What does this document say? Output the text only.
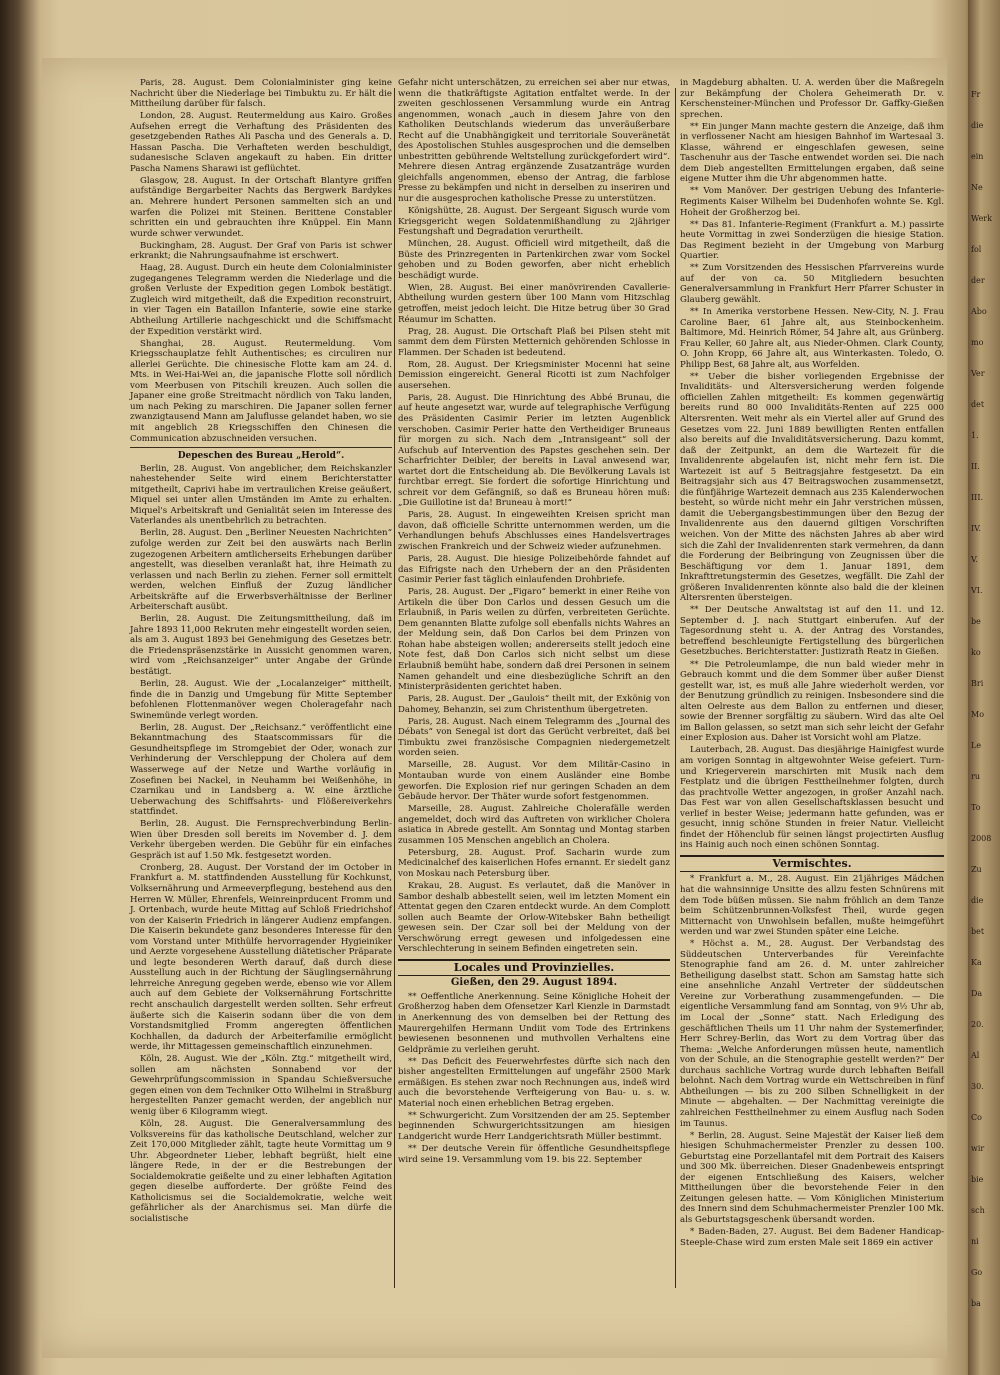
Paris, 28. August. Dem Colonialminister ging keine Nachricht über die Niederlage bei Timbuktu zu. Er hält die Mittheilung darüber für falsch.

London, 28. August. Reutermeldung aus Kairo. Großes Aufsehen erregt die Verhaftung des Präsidenten des gesetzgebenden Rathes Ali Pascha und des Generals a. D. Hassan Pascha. Die Verhafteten werden beschuldigt, sudanesische Sclaven angekauft zu haben. Ein dritter Pascha Namens Sharawi ist geflüchtet.

Glasgow, 28. August. In der Ortschaft Blantyre griffen aufständige Bergarbeiter Nachts das Bergwerk Bardykes an. Mehrere hundert Personen sammelten sich an und warfen die Polizei mit Steinen. Berittene Constabler schritten ein und gebrauchten ihre Knüppel. Ein Mann wurde schwer verwundet.

Buckingham, 28. August. Der Graf von Paris ist schwer erkrankt; die Nahrungsaufnahme ist erschwert.

Haag, 28. August. Durch ein heute dem Colonialminister zugegangenes Telegramm werden die Niederlage und die großen Verluste der Expedition gegen Lombok bestätigt. Zugleich wird mitgetheilt, daß die Expedition reconstruirt, in vier Tagen ein Bataillon Infanterie, sowie eine starke Abtheilung Artillerie nachgeschickt und die Schiffsmacht der Expedition verstärkt wird.

Shanghai, 28. August. Reutermeldung. Vom Kriegsschauplatze fehlt Authentisches; es circuliren nur allerlei Gerüchte. Die chinesische Flotte kam am 24. d. Mts. in Wei-Hai-Wei an, die japanische Flotte soll nördlich vom Meerbusen von Pitschili kreuzen. Auch sollen die Japaner eine große Streitmacht nördlich von Taku landen, um nach Peking zu marschiren. Die Japaner sollen ferner zwanzigtausend Mann am Jaluflusse gelandet haben, wo sie mit angeblich 28 Kriegsschiffen den Chinesen die Communication abzuschneiden versuchen.

Depeschen des Bureau „Herold“.

Berlin, 28. August. Von angeblicher, dem Reichskanzler nahestehender Seite wird einem Berichterstatter mitgetheilt, Caprivi habe im vertraulichen Kreise geäußert, Miquel sei unter allen Umständen im Amte zu erhalten. Miquel's Arbeitskraft und Genialität seien im Interesse des Vaterlandes als unentbehrlich zu betrachten.

Berlin, 28. August. Den „Berliner Neuesten Nachrichten“ zufolge werden zur Zeit bei den auswärts nach Berlin zugezogenen Arbeitern amtlicherseits Erhebungen darüber angestellt, was dieselben veranlaßt hat, ihre Heimath zu verlassen und nach Berlin zu ziehen. Ferner soll ermittelt werden, welchen Einfluß der Zuzug ländlicher Arbeitskräfte auf die Erwerbsverhältnisse der Berliner Arbeiterschaft ausübt.

Berlin, 28. August. Die Zeitungsmittheilung, daß im Jahre 1893 11,000 Rekruten mehr eingestellt worden seien, als am 3. August 1893 bei Genehmigung des Gesetzes betr. die Friedenspräsenzstärke in Aussicht genommen waren, wird vom „Reichsanzeiger“ unter Angabe der Gründe bestätigt.

Berlin, 28. August. Wie der „Localanzeiger“ mittheilt, finde die in Danzig und Umgebung für Mitte September befohlenen Flottenmanöver wegen Choleragefahr nach Swinemünde verlegt worden.

Berlin, 28. August. Der „Reichsanz.“ veröffentlicht eine Bekanntmachung des Staatscommissars für die Gesundheitspflege im Stromgebiet der Oder, wonach zur Verhinderung der Verschleppung der Cholera auf dem Wasserwege auf der Netze und Warthe vorläufig in Zosefinen bei Nackel, in Neuhamm bei Weißenhöhe, in Czarnikau und in Landsberg a. W. eine ärztliche Ueberwachung des Schiffsahrts- und Flößereiverkehrs stattfindet.

Berlin, 28. August. Die Fernsprechverbindung Berlin-Wien über Dresden soll bereits im November d. J. dem Verkehr übergeben werden. Die Gebühr für ein einfaches Gespräch ist auf 1.50 Mk. festgesetzt worden.

Cronberg, 28. August. Der Vorstand der im October in Frankfurt a. M. stattfindenden Ausstellung für Kochkunst, Volksernährung und Armeeverpflegung, bestehend aus den Herren W. Müller, Ehrenfels, Weinreinprducent Fromm und J. Ortenbach, wurde heute Mittag auf Schloß Friedrichshof von der Kaiserin Friedrich in längerer Audienz empfangen. Die Kaiserin bekundete ganz besonderes Interesse für den vom Vorstand unter Mithülfe hervorragender Hygieiniker und Aerzte vorgesehene Ausstellung diätetischer Präparate und legte besonderen Werth darauf, daß durch diese Ausstellung auch in der Richtung der Säuglingsernährung lehrreiche Anregung gegeben werde, ebenso wie vor Allem auch auf dem Gebiete der Volksernährung Fortschritte recht anschaulich dargestellt werden sollten. Sehr erfreut äußerte sich die Kaiserin sodann über die von dem Vorstandsmitglied Fromm angeregten öffentlichen Kochhallen, da dadurch der Arbeiterfamilie ermöglicht werde, ihr Mittagessen gemeinschaftlich einzunehmen.

Köln, 28. August. Wie der „Köln. Ztg.“ mitgetheilt wird, sollen am nächsten Sonnabend vor der Gewehrprüfungscommission in Spandau Schießversuche gegen einen von dem Techniker Otto Wilhelmi in Straßburg hergestellten Panzer gemacht werden, der angeblich nur wenig über 6 Kilogramm wiegt.

Köln, 28. August. Die Generalversammlung des Volksvereins für das katholische Deutschland, welcher zur Zeit 170,000 Mitglieder zählt, tagte heute Vormittag um 9 Uhr. Abgeordneter Lieber, lebhaft begrüßt, hielt eine längere Rede, in der er die Bestrebungen der Socialdemokratie geißelte und zu einer lebhaften Agitation gegen dieselbe aufforderte. Der größte Feind des Katholicismus sei die Socialdemokratie, welche weit gefährlicher als der Anarchismus sei. Man dürfe die socialistische

Gefahr nicht unterschätzen, zu erreichen sei aber nur etwas, wenn die thatkräftigste Agitation entfaltet werde. In der zweiten geschlossenen Versammlung wurde ein Antrag angenommen, wonach „auch in diesem Jahre von den Katholiken Deutschlands wiederum das unveräußerbare Recht auf die Unabhängigkeit und territoriale Souveränetät des Apostolischen Stuhles ausgesprochen und die demselben unbestritten gebührende Weltstellung zurückgefordert wird“. Mehrere diesen Antrag ergänzende Zusatzanträge wurden gleichfalls angenommen, ebenso der Antrag, die farblose Presse zu bekämpfen und nicht in derselben zu inseriren und nur die ausgesprochen katholische Presse zu unterstützen.

Königshütte, 28. August. Der Sergeant Sigusch wurde vom Kriegsgericht wegen Soldatenmißhandlung zu 2jähriger Festungshaft und Degradation verurtheilt.

München, 28. August. Officiell wird mitgetheilt, daß die Büste des Prinzregenten in Partenkirchen zwar vom Sockel gehoben und zu Boden geworfen, aber nicht erheblich beschädigt wurde.

Wien, 28. August. Bei einer manövrirenden Cavallerie-Abtheilung wurden gestern über 100 Mann vom Hitzschlag getroffen, meist jedoch leicht. Die Hitze betrug über 30 Grad Réaumur im Schatten.

Prag, 28. August. Die Ortschaft Plaß bei Pilsen steht mit sammt dem dem Fürsten Metternich gehörenden Schlosse in Flammen. Der Schaden ist bedeutend.

Rom, 28. August. Der Kriegsminister Mocenni hat seine Demission eingereicht. General Ricotti ist zum Nachfolger ausersehen.

Paris, 28. August. Die Hinrichtung des Abbé Brunau, die auf heute angesetzt war, wurde auf telegraphische Verfügung des Präsidenten Casimir Perier im letzten Augenblick verschoben. Casimir Perier hatte den Vertheidiger Bruneaus für morgen zu sich. Nach dem „Intransigeant“ soll der Aufschub auf Intervention des Papstes geschehen sein. Der Scharfrichter Deibler, der bereits in Laval anwesend war, wartet dort die Entscheidung ab. Die Bevölkerung Lavals ist furchtbar erregt. Sie fordert die sofortige Hinrichtung und schreit vor dem Gefängniß, so daß es Bruneau hören muß: „Die Guillotine ist da! Bruneau à mort!“

Paris, 28. August. In eingeweihten Kreisen spricht man davon, daß officielle Schritte unternommen werden, um die Verhandlungen behufs Abschlusses eines Handelsvertrages zwischen Frankreich und der Schweiz wieder aufzunehmen.

Paris, 28. August. Die hiesige Polizeibehörde fahndet auf das Eifrigste nach den Urhebern der an den Präsidenten Casimir Perier fast täglich einlaufenden Drohbriefe.

Paris, 28. August. Der „Figaro“ bemerkt in einer Reihe von Artikeln die über Don Carlos und dessen Gesuch um die Erlaubniß, in Paris weilen zu dürfen, verbreiteten Gerüchte. Dem genannten Blatte zufolge soll ebenfalls nichts Wahres an der Meldung sein, daß Don Carlos bei dem Prinzen von Rohan habe absteigen wollen; andererseits stellt jedoch eine Note fest, daß Don Carlos sich nicht selbst um diese Erlaubniß bemüht habe, sondern daß drei Personen in seinem Namen gehandelt und eine diesbezügliche Schrift an den Ministerpräsidenten gerichtet haben.

Paris, 28. August. Der „Gaulois“ theilt mit, der Exkönig von Dahomey, Behanzin, sei zum Christenthum übergetreten.

Paris, 28. August. Nach einem Telegramm des „Journal des Débats“ von Senegal ist dort das Gerücht verbreitet, daß bei Timbuktu zwei französische Compagnien niedergemetzelt worden seien.

Marseille, 28. August. Vor dem Militär-Casino in Montauban wurde von einem Ausländer eine Bombe geworfen. Die Explosion rief nur geringen Schaden an dem Gebäude hervor. Der Thäter wurde sofort festgenommen.

Marseille, 28. August. Zahlreiche Cholerafälle werden angemeldet, doch wird das Auftreten von wirklicher Cholera asiatica in Abrede gestellt. Am Sonntag und Montag starben zusammen 105 Menschen angeblich an Cholera.

Petersburg, 28. August. Prof. Sacharin wurde zum Medicinalchef des kaiserlichen Hofes ernannt. Er siedelt ganz von Moskau nach Petersburg über.

Krakau, 28. August. Es verlautet, daß die Manöver in Sambor deshalb abbestellt seien, weil im letzten Moment ein Attentat gegen den Czaren entdeckt wurde. An dem Complott sollen auch Beamte der Orlow-Witebsker Bahn betheiligt gewesen sein. Der Czar soll bei der Meldung von der Verschwörung erregt gewesen und infolgedessen eine Verschlechterung in seinem Befinden eingetreten sein.

Locales und Provinzielles.
Gießen, den 29. August 1894.

** Oeffentliche Anerkennung. Seine Königliche Hoheit der Großherzog haben dem Ofensetzer Karl Kienzle in Darmstadt in Anerkennung des von demselben bei der Rettung des Maurergehilfen Hermann Undiit vom Tode des Ertrinkens bewiesenen besonnenen und muthvollen Verhaltens eine Geldprämie zu verleihen geruht.

** Das Deficit des Feuerwehrfestes dürfte sich nach den bisher angestellten Ermittelungen auf ungefähr 2500 Mark ermäßigen. Es stehen zwar noch Rechnungen aus, indeß wird auch die bevorstehende Verfteigerung von Bau- u. s. w. Material noch einen erheblichen Betrag ergeben.

** Schwurgericht. Zum Vorsitzenden der am 25. September beginnenden Schwurgerichtssitzungen am hiesigen Landgericht wurde Herr Landgerichtsrath Müller bestimmt.

** Der deutsche Verein für öffentliche Gesundheitspflege wird seine 19. Versammlung vom 19. bis 22. September

in Magdeburg abhalten. U. A. werden über die Maßregeln zur Bekämpfung der Cholera Geheimerath Dr. v. Kerschensteiner-München und Professor Dr. Gaffky-Gießen sprechen.

** Ein junger Mann machte gestern die Anzeige, daß ihm in verflossener Nacht am hiesigen Bahnhof im Wartesaal 3. Klasse, während er eingeschlafen gewesen, seine Taschenuhr aus der Tasche entwendet worden sei. Die nach dem Dieb angestellten Ermittelungen ergaben, daß seine eigene Mutter ihm die Uhr abgenommen hatte.

** Vom Manöver. Der gestrigen Uebung des Infanterie-Regiments Kaiser Wilhelm bei Dudenhofen wohnte Se. Kgl. Hoheit der Großherzog bei.

** Das 81. Infanterie-Regiment (Frankfurt a. M.) passirte heute Vormittag in zwei Sonderzügen die hiesige Station. Das Regiment bezieht in der Umgebung von Marburg Quartier.

** Zum Vorsitzenden des Hessischen Pfarrvereins wurde auf der von ca. 50 Mitgliedern besuchten Generalversammlung in Frankfurt Herr Pfarrer Schuster in Glauberg gewählt.

** In Amerika verstorbene Hessen. New-City, N. J. Frau Caroline Baer, 61 Jahre alt, aus Steinbockenheim. Baltimore, Md. Heinrich Römer, 54 Jahre alt, aus Grünberg. Frau Keller, 60 Jahre alt, aus Nieder-Ohmen. Clark County, O. John Kropp, 66 Jahre alt, aus Winterkasten. Toledo, O. Philipp Best, 68 Jahre alt, aus Worfelden.

** Ueber die bisher vorliegenden Ergebnisse der Invaliditäts- und Altersversicherung werden folgende officiellen Zahlen mitgetheilt: Es kommen gegenwärtig bereits rund 80 000 Invaliditäts-Renten auf 225 000 Altersrenten. Weit mehr als ein Viertel aller auf Grund des Gesetzes vom 22. Juni 1889 bewilligten Renten entfallen also bereits auf die Invaliditätsversicherung. Dazu kommt, daß der Zeitpunkt, an dem die Wartezeit für die Invalidenrente abgelaufen ist, nicht mehr fern ist. Die Wartezeit ist auf 5 Beitragsjahre festgesetzt. Da ein Beitragsjahr sich aus 47 Beitragswochen zusammensetzt, die fünfjährige Wartezeit demnach aus 235 Kalenderwochen besteht, so würde nicht mehr ein Jahr verstrichen müssen, damit die Uebergangsbestimmungen über den Bezug der Invalidenrente aus den dauernd giltigen Vorschriften weichen. Von der Mitte des nächsten Jahres ab aber wird sich die Zahl der Invalidenrenten stark vermehren, da dann die Forderung der Beibringung von Zeugnissen über die Beschäftigung vor dem 1. Januar 1891, dem Inkrafttretungstermin des Gesetzes, wegfällt. Die Zahl der größeren Invalidenrenten könnte also bald die der kleinen Altersrenten übersteigen.

** Der Deutsche Anwaltstag ist auf den 11. und 12. September d. J. nach Stuttgart einberufen. Auf der Tagesordnung steht u. A. der Antrag des Vorstandes, betreffend beschleunigte Fertigstellung des bürgerlichen Gesetzbuches. Berichterstatter: Justizrath Reatz in Gießen.

** Die Petroleumlampe, die nun bald wieder mehr in Gebrauch kommt und die dem Sommer über außer Dienst gestellt war, ist, es muß alle Jahre wiederholt werden, vor der Benutzung gründlich zu reinigen. Insbesondere sind die alten Oelreste aus dem Ballon zu entfernen und dieser, sowie der Brenner sorgfältig zu säubern. Wird das alte Oel im Ballon gelassen, so setzt man sich sehr leicht der Gefahr einer Explosion aus. Daher ist Vorsicht wohl am Platze.

Lauterbach, 28. August. Das diesjährige Hainigfest wurde am vorigen Sonntag in altgewohnter Weise gefeiert. Turn- und Kriegerverein marschirten mit Musik nach dem Festplatz und die übrigen Festtheilnehmer folgten, durch das prachtvolle Wetter angezogen, in großer Anzahl nach. Das Fest war von allen Gesellschaftsklassen besucht und verlief in bester Weise; jedermann hatte gefunden, was er gesucht, innig schöne Stunden in freier Natur. Vielleicht findet der Höhenclub für seinen längst projectirten Ausflug ins Hainig auch noch einen schönen Sonntag.

Vermischtes.

* Frankfurt a. M., 28. August. Ein 21jähriges Mädchen hat die wahnsinnige Unsitte des allzu festen Schnürens mit dem Tode büßen müssen. Sie nahm fröhlich an dem Tanze beim Schützenbrunnen-Volksfest Theil, wurde gegen Mitternacht von Unwohlsein befallen, mußte heimgeführt werden und war zwei Stunden später eine Leiche.

* Höchst a. M., 28. August. Der Verbandstag des Süddeutschen Unterverbandes für Vereinfachte Stenographie fand am 26. d. M. unter zahlreicher Betheiligung daselbst statt. Schon am Samstag hatte sich eine ansehnliche Anzahl Vertreter der süddeutschen Vereine zur Vorberathung zusammengefunden. — Die eigentliche Versammlung fand am Sonntag, von 9½ Uhr ab, im Local der „Sonne“ statt. Nach Erledigung des geschäftlichen Theils um 11 Uhr nahm der Systemerfinder, Herr Schrey-Berlin, das Wort zu dem Vortrag über das Thema: „Welche Anforderungen müssen heute, namentlich von der Schule, an die Stenographie gestellt werden?“ Der durchaus sachliche Vortrag wurde durch lebhaften Beifall belohnt. Nach dem Vortrag wurde ein Wettschreiben in fünf Abtheilungen — bis zu 200 Silben Schnelligkeit in der Minute — abgehalten. — Der Nachmittag vereinigte die zahlreichen Festtheilnehmer zu einem Ausflug nach Soden im Taunus.

* Berlin, 28. August. Seine Majestät der Kaiser ließ dem hiesigen Schuhmachermeister Prenzler zu dessen 100. Geburtstag eine Porzellantafel mit dem Portrait des Kaisers und 300 Mk. überreichen. Dieser Gnadenbeweis entspringt der eigenen Entschließung des Kaisers, welcher Mittheilungen über die bevorstehende Feier in den Zeitungen gelesen hatte. — Vom Königlichen Ministerium des Innern sind dem Schuhmachermeister Prenzler 100 Mk. als Geburtstagsgeschenk übersandt worden.

* Baden-Baden, 27. August. Bei dem Badener Handicap-Steeple-Chase wird zum ersten Male seit 1869 ein activer

Fr
die
ein
Ne
Werk
fol
der
Abo
mo
Ver
det
1.
II.
III.
IV.
V.
VI.
be
ko
Bri
Mo
Le
ru
To
2008
Zu
die
bet
Ka
Da
20.
Al
30.
Co
wir
bie
sch
ni
Go
ba
